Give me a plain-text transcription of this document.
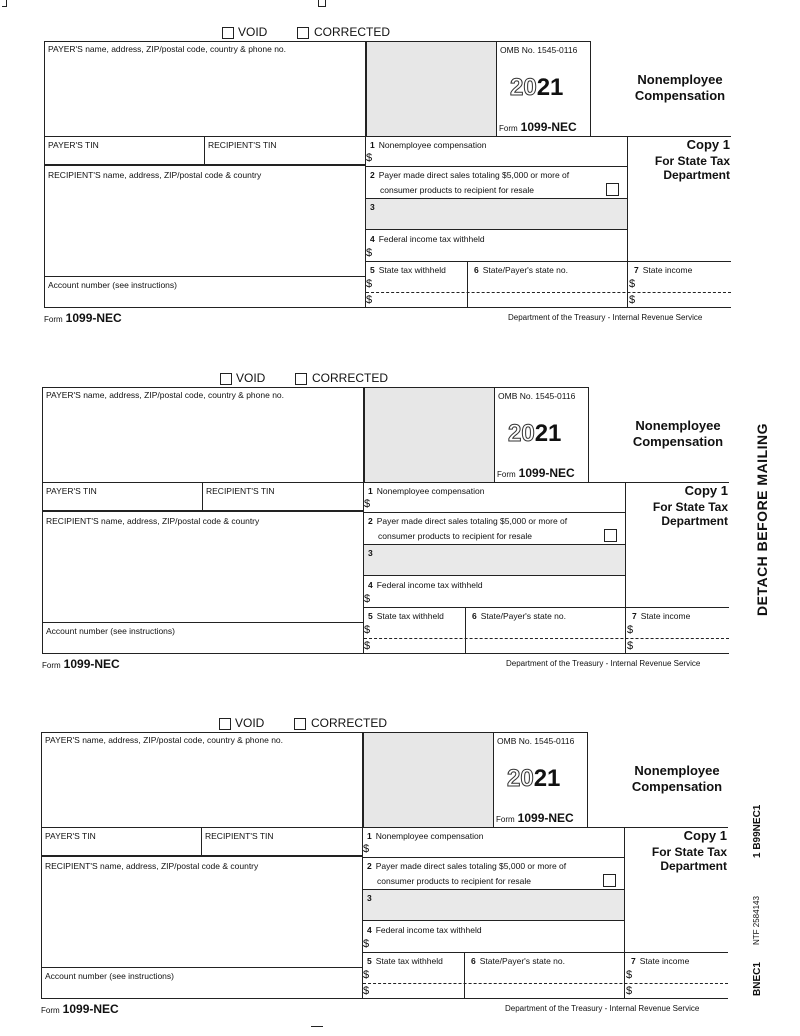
VOID	CORRECTED
PAYER'S name, address, ZIP/postal code, country & phone no.	OMB No. 1545-0116
2021
Form 1099-NEC
Nonemployee
Compensation
PAYER'S TIN	RECIPIENT'S TIN	1 Nonemployee compensation
$
Copy 1
For State Tax
Department
RECIPIENT'S name, address, ZIP/postal code & country	2 Payer made direct sales totaling $5,000 or more of
consumer products to recipient for resale
3
4 Federal income tax withheld
$
Account number (see instructions)
5 State tax withheld
$
$
6 State/Payer's state no.	7 State income
$
$
Form 1099-NEC	Department of the Treasury - Internal Revenue Service
VOID	CORRECTED
PAYER'S name, address, ZIP/postal code, country & phone no.	OMB No. 1545-0116
2021
Form 1099-NEC
Nonemployee
Compensation
PAYER'S TIN	RECIPIENT'S TIN	1 Nonemployee compensation
$
Copy 1
For State Tax
Department
RECIPIENT'S name, address, ZIP/postal code & country	2 Payer made direct sales totaling $5,000 or more of
consumer products to recipient for resale
3
4 Federal income tax withheld
$
Account number (see instructions)
5 State tax withheld
$
$
6 State/Payer's state no.	7 State income
$
$
Form 1099-NEC	Department of the Treasury - Internal Revenue Service
VOID	CORRECTED
PAYER'S name, address, ZIP/postal code, country & phone no.	OMB No. 1545-0116
2021
Form 1099-NEC
Nonemployee
Compensation
PAYER'S TIN	RECIPIENT'S TIN	1 Nonemployee compensation
$
Copy 1
For State Tax
Department
RECIPIENT'S name, address, ZIP/postal code & country	2 Payer made direct sales totaling $5,000 or more of
consumer products to recipient for resale
3
4 Federal income tax withheld
$
Account number (see instructions)
5 State tax withheld
$
$
6 State/Payer's state no.	7 State income
$
$
Form 1099-NEC	Department of the Treasury - Internal Revenue Service
DETACH BEFORE MAILING
1 B99NEC1
NTF 2584143
BNEC1
